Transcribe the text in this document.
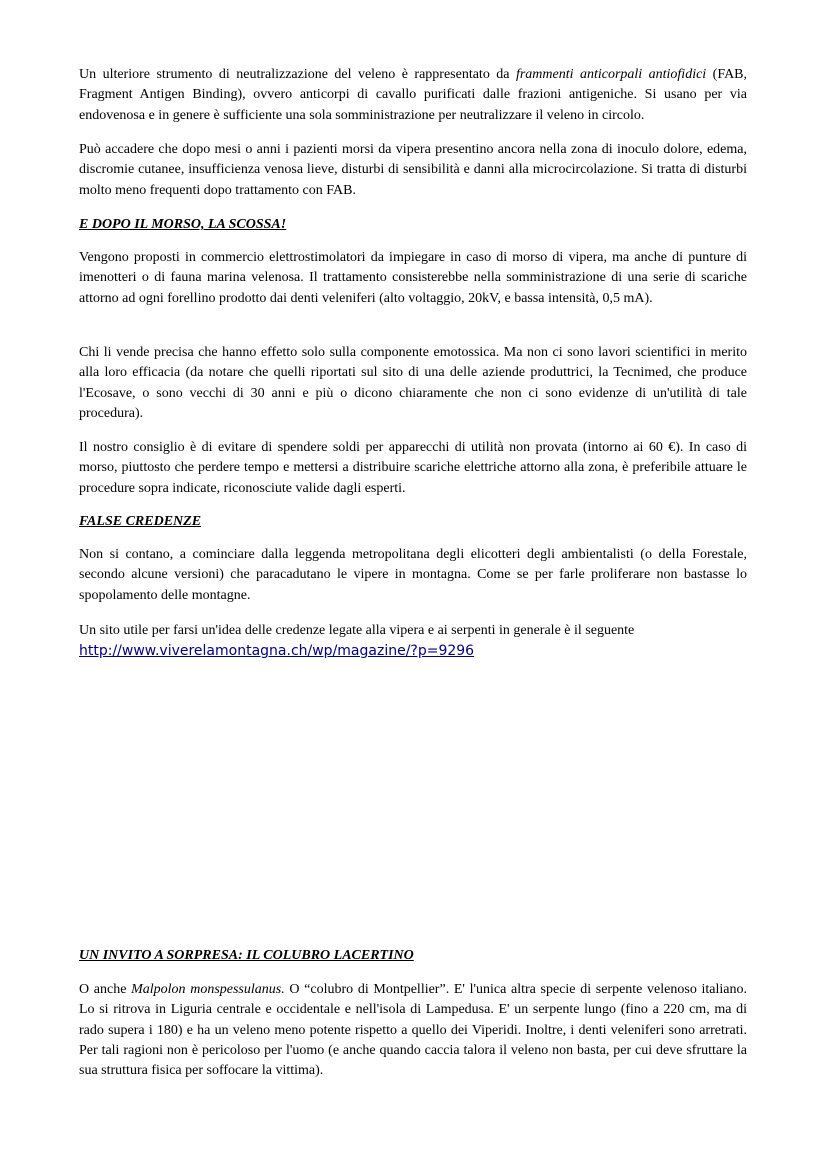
Un ulteriore strumento di neutralizzazione del veleno è rappresentato da frammenti anticorpali antiofidici (FAB, Fragment Antigen Binding), ovvero anticorpi di cavallo purificati dalle frazioni antigeniche. Si usano per via endovenosa e in genere è sufficiente una sola somministrazione per neutralizzare il veleno in circolo.

Può accadere che dopo mesi o anni i pazienti morsi da vipera presentino ancora nella zona di inoculo dolore, edema, discromie cutanee, insufficienza venosa lieve, disturbi di sensibilità e danni alla microcircolazione. Si tratta di disturbi molto meno frequenti dopo trattamento con FAB.

E DOPO IL MORSO, LA SCOSSA!

Vengono proposti in commercio elettrostimolatori da impiegare in caso di morso di vipera, ma anche di punture di imenotteri o di fauna marina velenosa. Il trattamento consisterebbe nella somministrazione di una serie di scariche attorno ad ogni forellino prodotto dai denti veleniferi (alto voltaggio, 20kV, e bassa intensità, 0,5 mA).

Chi li vende precisa che hanno effetto solo sulla componente emotossica. Ma non ci sono lavori scientifici in merito alla loro efficacia (da notare che quelli riportati sul sito di una delle aziende produttrici, la Tecnimed, che produce l'Ecosave, o sono vecchi di 30 anni e più o dicono chiaramente che non ci sono evidenze di un'utilità di tale procedura).

Il nostro consiglio è di evitare di spendere soldi per apparecchi di utilità non provata (intorno ai 60 €). In caso di morso, piuttosto che perdere tempo e mettersi a distribuire scariche elettriche attorno alla zona, è preferibile attuare le procedure sopra indicate, riconosciute valide dagli esperti.

FALSE CREDENZE

Non si contano, a cominciare dalla leggenda metropolitana degli elicotteri degli ambientalisti (o della Forestale, secondo alcune versioni) che paracadutano le vipere in montagna. Come se per farle proliferare non bastasse lo spopolamento delle montagne.

Un sito utile per farsi un'idea delle credenze legate alla vipera e ai serpenti in generale è il seguente
http://www.viverelamontagna.ch/wp/magazine/?p=9296

UN INVITO A SORPRESA: IL COLUBRO LACERTINO

O anche Malpolon monspessulanus. O “colubro di Montpellier”. E' l'unica altra specie di serpente velenoso italiano. Lo si ritrova in Liguria centrale e occidentale e nell'isola di Lampedusa. E' un serpente lungo (fino a 220 cm, ma di rado supera i 180) e ha un veleno meno potente rispetto a quello dei Viperidi. Inoltre, i denti veleniferi sono arretrati. Per tali ragioni non è pericoloso per l'uomo (e anche quando caccia talora il veleno non basta, per cui deve sfruttare la sua struttura fisica per soffocare la vittima).
